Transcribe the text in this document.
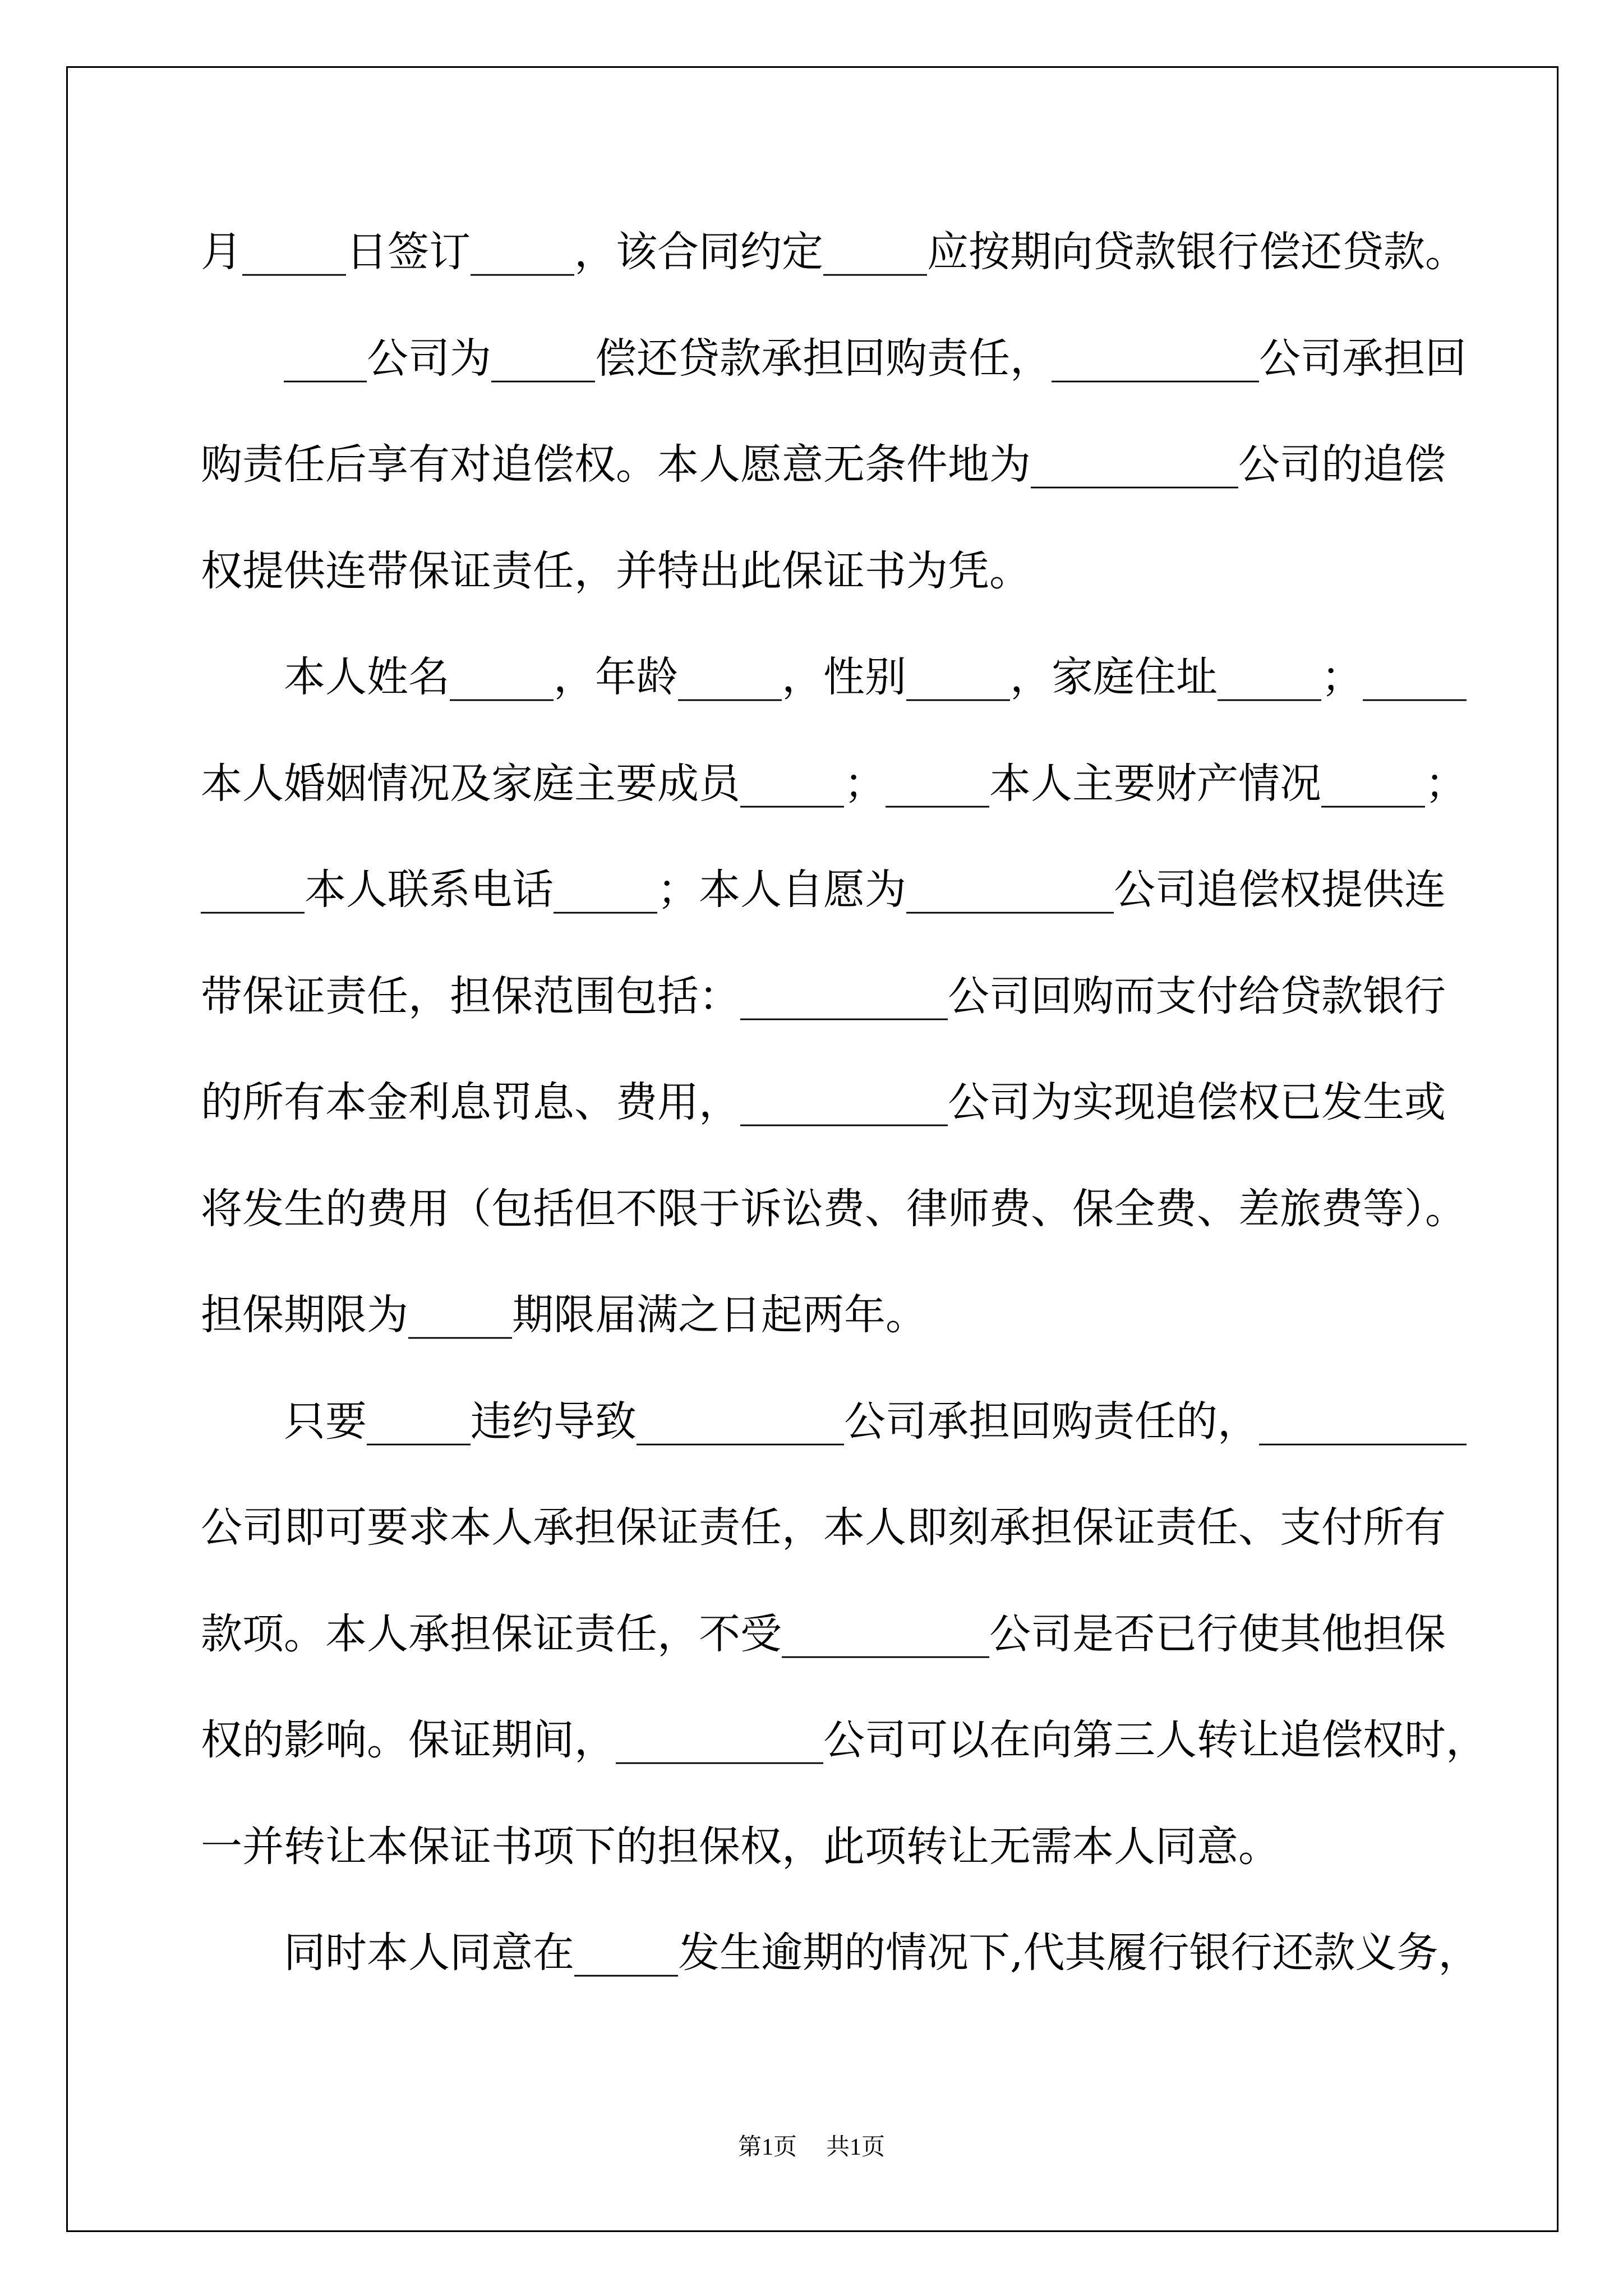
月_____日签订_____，该合同约定_____应按期向贷款银行偿还贷款。
____公司为_____偿还贷款承担回购责任，__________公司承担回
购责任后享有对追偿权。本人愿意无条件地为__________公司的追偿
权提供连带保证责任，并特出此保证书为凭。
本人姓名_____，年龄_____，性别_____，家庭住址_____；_____
本人婚姻情况及家庭主要成员_____；_____本人主要财产情况_____；
_____本人联系电话_____；本人自愿为__________公司追偿权提供连
带保证责任，担保范围包括：__________公司回购而支付给贷款银行
的所有本金利息罚息、费用，__________公司为实现追偿权已发生或
将发生的费用（包括但不限于诉讼费、律师费、保全费、差旅费等）。
担保期限为_____期限届满之日起两年。
只要_____违约导致__________公司承担回购责任的，__________
公司即可要求本人承担保证责任，本人即刻承担保证责任、支付所有
款项。本人承担保证责任，不受__________公司是否已行使其他担保
权的影响。保证期间，__________公司可以在向第三人转让追偿权时，
一并转让本保证书项下的担保权，此项转让无需本人同意。
同时本人同意在_____发生逾期的情况下,代其履行银行还款义务，
第1页 共1页
